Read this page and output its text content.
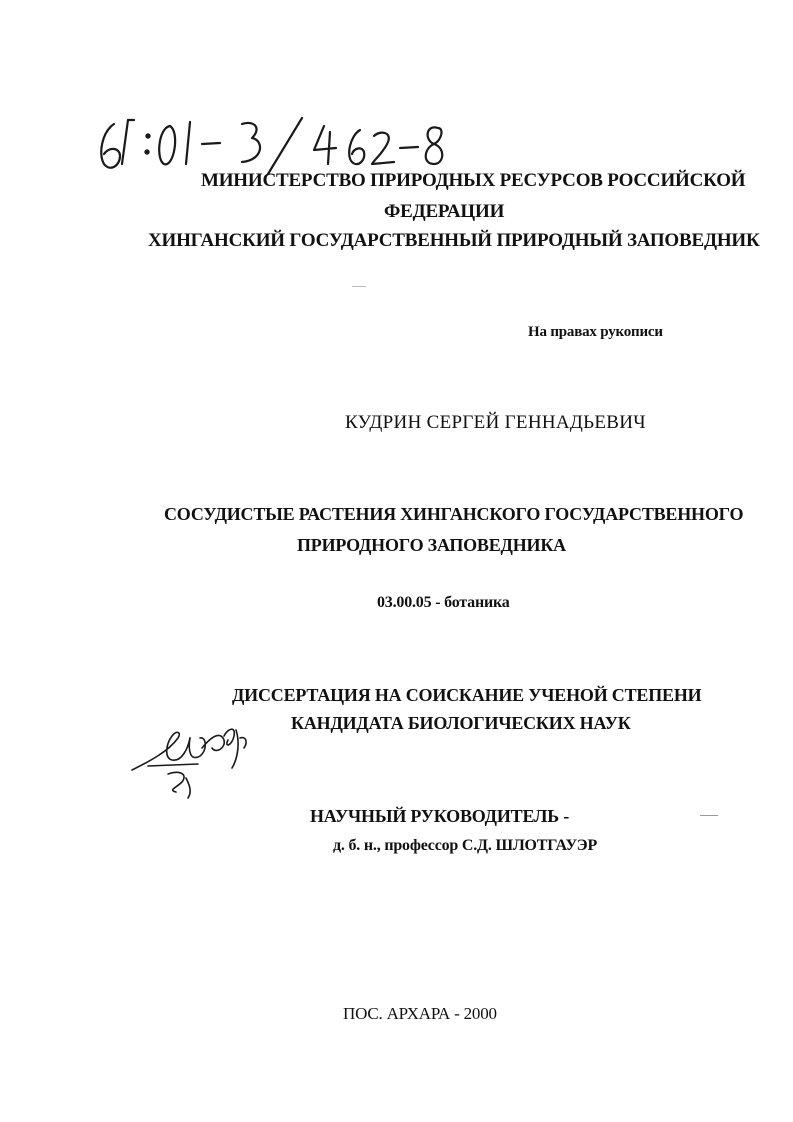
МИНИСТЕРСТВО ПРИРОДНЫХ РЕСУРСОВ РОССИЙСКОЙ
ФЕДЕРАЦИИ
ХИНГАНСКИЙ ГОСУДАРСТВЕННЫЙ ПРИРОДНЫЙ ЗАПОВЕДНИК
На правах рукописи
КУДРИН СЕРГЕЙ ГЕННАДЬЕВИЧ
СОСУДИСТЫЕ РАСТЕНИЯ ХИНГАНСКОГО ГОСУДАРСТВЕННОГО
ПРИРОДНОГО ЗАПОВЕДНИКА
03.00.05 - ботаника
ДИССЕРТАЦИЯ НА СОИСКАНИЕ УЧЕНОЙ СТЕПЕНИ
КАНДИДАТА БИОЛОГИЧЕСКИХ НАУК
НАУЧНЫЙ РУКОВОДИТЕЛЬ -
д. б. н., профессор С.Д. ШЛОТГАУЭР
ПОС. АРХАРА - 2000
